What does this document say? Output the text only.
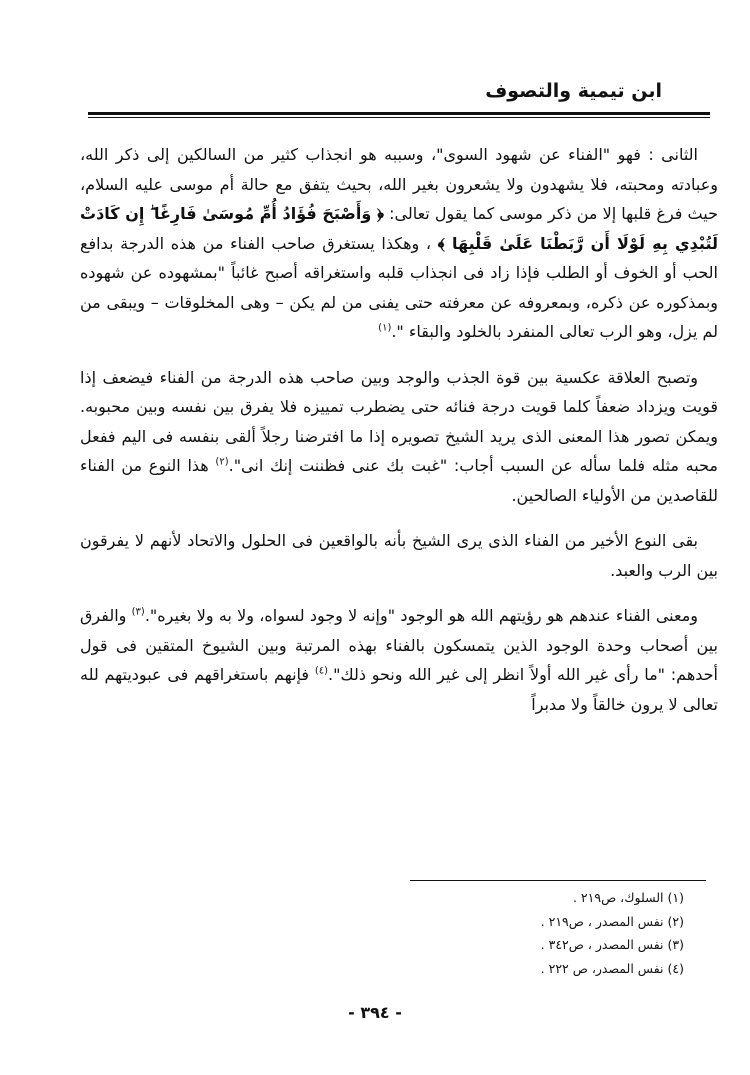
ابن تيمية والتصوف

الثانى : فهو "الفناء عن شهود السوى"، وسببه هو انجذاب كثير من السالكين إلى ذكر الله، وعبادته ومحبته، فلا يشهدون ولا يشعرون بغير الله، بحيث يتفق مع حالة أم موسى عليه السلام، حيث فرغ قلبها إلا من ذكر موسى كما يقول تعالى: ﴿ وَأَصْبَحَ فُؤَادُ أُمِّ مُوسَىٰ فَارِغًا ۖ إِن كَادَتْ لَتُبْدِي بِهِ لَوْلَا أَن رَّبَطْنَا عَلَىٰ قَلْبِهَا ﴾ ، وهكذا يستغرق صاحب الفناء من هذه الدرجة بدافع الحب أو الخوف أو الطلب فإذا زاد فى انجذاب قلبه واستغراقه أصبح غائباً "بمشهوده عن شهوده وبمذكوره عن ذكره، وبمعروفه عن معرفته حتى يفنى من لم يكن – وهى المخلوقات – ويبقى من لم يزل، وهو الرب تعالى المنفرد بالخلود والبقاء ".$^{(١)}$

وتصبح العلاقة عكسية بين قوة الجذب والوجد وبين صاحب هذه الدرجة من الفناء فيضعف إذا قويت ويزداد ضعفاً كلما قويت درجة فنائه حتى يضطرب تمييزه فلا يفرق بين نفسه وبين محبوبه. ويمكن تصور هذا المعنى الذى يريد الشيخ تصويره إذا ما افترضنا رجلاً ألقى بنفسه فى اليم ففعل محبه مثله فلما سأله عن السبب أجاب: "غبت بك عنى فظننت إنك انى".$^{(٢)}$ هذا النوع من الفناء للقاصدين من الأولياء الصالحين.

بقى النوع الأخير من الفناء الذى يرى الشيخ بأنه بالواقعين فى الحلول والاتحاد لأنهم لا يفرقون بين الرب والعبد.

ومعنى الفناء عندهم هو رؤيتهم الله هو الوجود "وإنه لا وجود لسواه، ولا به ولا بغيره".$^{(٣)}$ والفرق بين أصحاب وحدة الوجود الذين يتمسكون بالفناء بهذه المرتبة وبين الشيوخ المتقين فى قول أحدهم: "ما رأى غير الله أولاً انظر إلى غير الله ونحو ذلك".$^{(٤)}$ فإنهم باستغراقهم فى عبوديتهم لله تعالى لا يرون خالقاً ولا مدبراً

(١) السلوك، ص٢١٩ .
(٢) نفس المصدر ، ص٢١٩ .
(٣) نفس المصدر ، ص٣٤٢ .
(٤) نفس المصدر، ص ٢٢٢ .
- ٣٩٤ -
